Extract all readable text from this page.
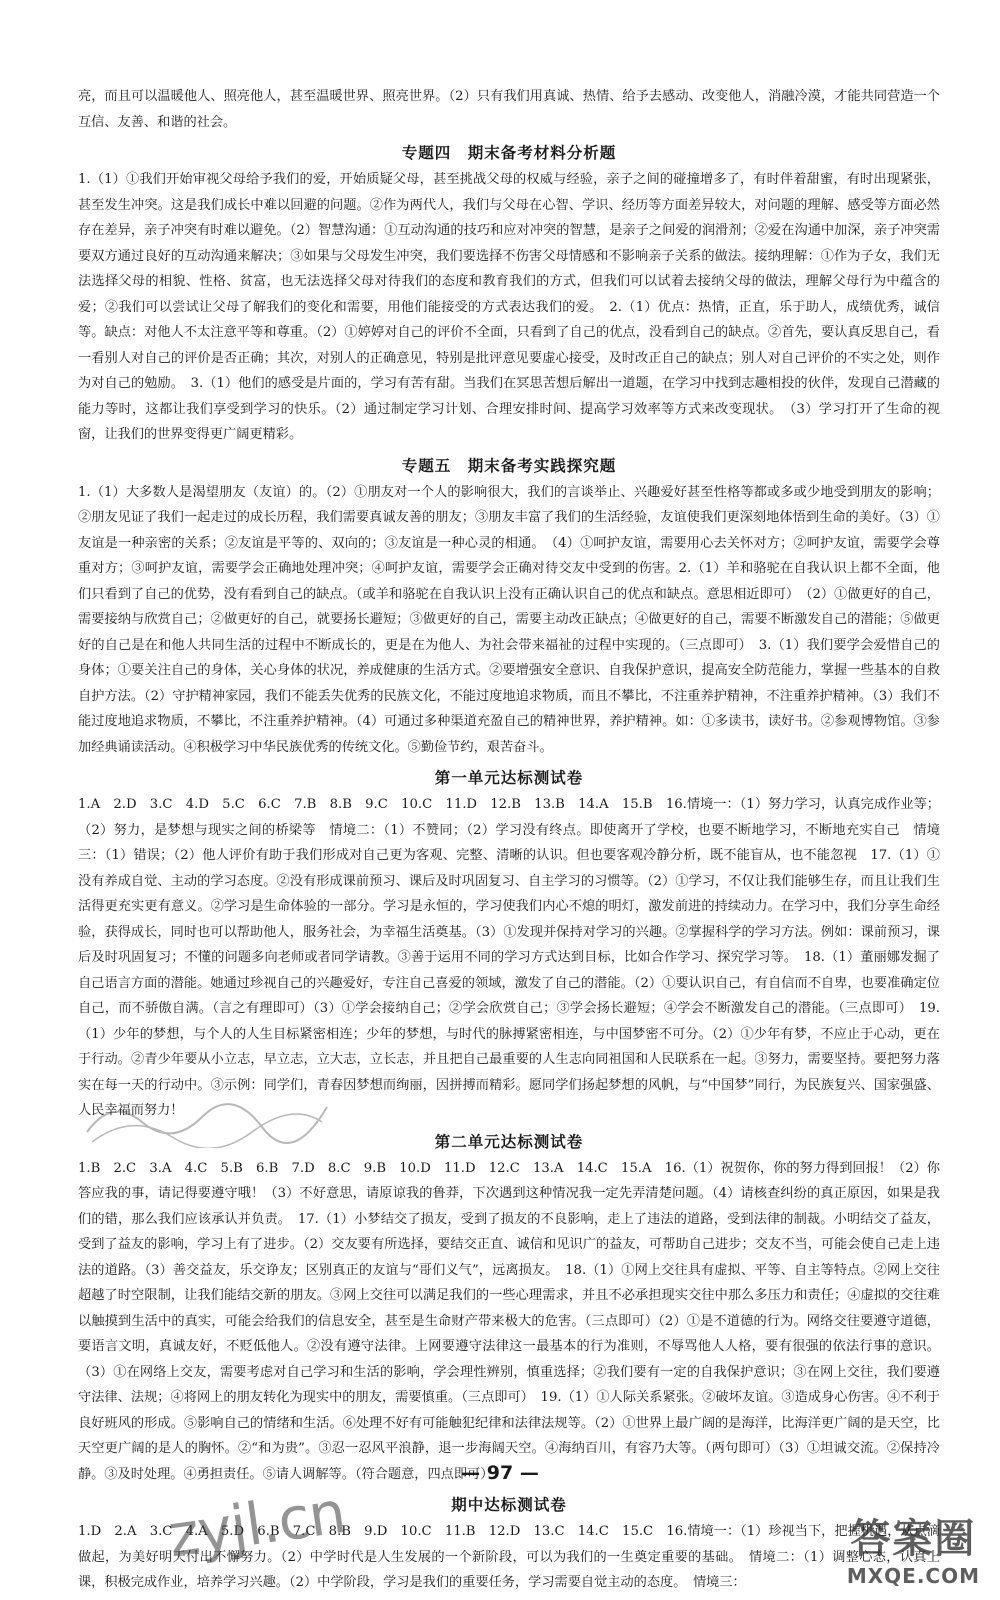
亮，而且可以温暖他人、照亮他人，甚至温暖世界、照亮世界。（2）只有我们用真诚、热情、给予去感动、改变他人，消融冷漠，才能共同营造一个互信、友善、和谐的社会。

专题四　期末备考材料分析题

1.（1）①我们开始审视父母给予我们的爱，开始质疑父母，甚至挑战父母的权威与经验，亲子之间的碰撞增多了，有时伴着甜蜜，有时出现紧张，甚至发生冲突。这是我们成长中难以回避的问题。②作为两代人，我们与父母在心智、学识、经历等方面差异较大，对问题的理解、感受等方面必然存在差异，亲子冲突有时难以避免。（2）智慧沟通：①互动沟通的技巧和应对冲突的智慧，是亲子之间爱的润滑剂；②爱在沟通中加深，亲子冲突需要双方通过良好的互动沟通来解决；③如果与父母发生冲突，我们要选择不伤害父母情感和不影响亲子关系的做法。接纳理解：①作为子女，我们无法选择父母的相貌、性格、贫富，也无法选择父母对待我们的态度和教育我们的方式，但我们可以试着去接纳父母的做法，理解父母行为中蕴含的爱；②我们可以尝试让父母了解我们的变化和需要，用他们能接受的方式表达我们的爱。　2.（1）优点：热情，正直，乐于助人，成绩优秀，诚信等。缺点：对他人不太注意平等和尊重。（2）①婷婷对自己的评价不全面，只看到了自己的优点，没看到自己的缺点。②首先，要认真反思自己，看一看别人对自己的评价是否正确；其次，对别人的正确意见，特别是批评意见要虚心接受，及时改正自己的缺点；别人对自己评价的不实之处，则作为对自己的勉励。　3.（1）他们的感受是片面的，学习有苦有甜。当我们在冥思苦想后解出一道题，在学习中找到志趣相投的伙伴，发现自己潜藏的能力等时，这都让我们享受到学习的快乐。（2）通过制定学习计划、合理安排时间、提高学习效率等方式来改变现状。　（3）学习打开了生命的视窗，让我们的世界变得更广阔更精彩。

专题五　期末备考实践探究题

1.（1）大多数人是渴望朋友（友谊）的。（2）①朋友对一个人的影响很大，我们的言谈举止、兴趣爱好甚至性格等都或多或少地受到朋友的影响；②朋友见证了我们一起走过的成长历程，我们需要真诚友善的朋友；③朋友丰富了我们的生活经验，友谊使我们更深刻地体悟到生命的美好。（3）①友谊是一种亲密的关系；②友谊是平等的、双向的；③友谊是一种心灵的相通。　（4）①呵护友谊，需要用心去关怀对方；②呵护友谊，需要学会尊重对方；③呵护友谊，需要学会正确地处理冲突；④呵护友谊，需要学会正确对待交友中受到的伤害。2.（1）羊和骆驼在自我认识上都不全面，他们只看到了自己的优势，没有看到自己的缺点。（或羊和骆驼在自我认识上没有正确认识自己的优点和缺点。意思相近即可）　（2）①做更好的自己，需要接纳与欣赏自己；②做更好的自己，就要扬长避短；③做更好的自己，需要主动改正缺点；④做更好的自己，需要不断激发自己的潜能；⑤做更好的自己是在和他人共同生活的过程中不断成长的，更是在为他人、为社会带来福祉的过程中实现的。（三点即可）　3.（1）我们要学会爱惜自己的身体；①要关注自己的身体，关心身体的状况，养成健康的生活方式。②要增强安全意识、自我保护意识，提高安全防范能力，掌握一些基本的自救自护方法。（2）守护精神家园，我们不能丢失优秀的民族文化，不能过度地追求物质，而且不攀比，不注重养护精神，不注重养护精神。（3）我们不能过度地追求物质，不攀比，不注重养护精神。（4）可通过多种渠道充盈自己的精神世界，养护精神。如：①多读书，读好书。②参观博物馆。③参加经典诵读活动。④积极学习中华民族优秀的传统文化。⑤勤俭节约，艰苦奋斗。

第一单元达标测试卷

1.A　2.D　3.C　4.D　5.C　6.C　7.B　8.B　9.C　10.C　11.D　12.B　13.B　14.A　15.B　16.情境一：（1）努力学习，认真完成作业等；（2）努力，是梦想与现实之间的桥梁等　情境二：（1）不赞同；（2）学习没有终点。即使离开了学校，也要不断地学习，不断地充实自己　情境三：（1）错误；（2）他人评价有助于我们形成对自己更为客观、完整、清晰的认识。但也要客观冷静分析，既不能盲从，也不能忽视　17.（1）①没有养成自觉、主动的学习态度。②没有形成课前预习、课后及时巩固复习、自主学习的习惯等。（2）①学习，不仅让我们能够生存，而且让我们生活得更充实更有意义。②学习是生命体验的一部分。学习是永恒的，学习使我们内心不熄的明灯，激发前进的持续动力。在学习中，我们分享生命经验，获得成长，同时也可以帮助他人，服务社会，为幸福生活奠基。（3）①发现并保持对学习的兴趣。②掌握科学的学习方法。例如：课前预习，课后及时巩固复习；不懂的问题多向老师或者同学请教。③善于运用不同的学习方式达到目标，比如合作学习、探究学习等。　18.（1）董丽娜发掘了自己语言方面的潜能。她通过珍视自己的兴趣爱好，专注自己喜爱的领域，激发了自己的潜能。（2）①要认识自己，有自信而不自卑，也要准确定位自己，而不骄傲自满。（言之有理即可）（3）①学会接纳自己；②学会欣赏自己；③学会扬长避短；④学会不断激发自己的潜能。（三点即可）　19.（1）少年的梦想，与个人的人生目标紧密相连；少年的梦想，与时代的脉搏紧密相连，与中国梦密不可分。（2）①少年有梦，不应止于心动，更在于行动。②青少年要从小立志，早立志，立大志，立长志，并且把自己最重要的人生志向同祖国和人民联系在一起。③努力，需要坚持。要把努力落实在每一天的行动中。③示例：同学们，青春因梦想而绚丽，因拼搏而精彩。愿同学们扬起梦想的风帆，与“中国梦”同行，为民族复兴、国家强盛、人民幸福而努力！

第二单元达标测试卷

1.B　2.C　3.A　4.C　5.B　6.B　7.D　8.C　9.B　10.D　11.D　12.C　13.A　14.C　15.A　16.（1）祝贺你，你的努力得到回报！（2）你答应我的事，请记得要遵守哦！（3）不好意思，请原谅我的鲁莽，下次遇到这种情况我一定先弄清楚问题。（4）请核查纠纷的真正原因，如果是我们的错，那么我们应该承认并负责。　17.（1）小梦结交了损友，受到了损友的不良影响，走上了违法的道路，受到法律的制裁。小明结交了益友，受到了益友的影响，学习上有了进步。（2）交友要有所选择，要结交正直、诚信和见识广的益友，可帮助自己进步；交友不当，可能会使自己走上违法的道路。（3）善交益友，乐交诤友；区别真正的友谊与“哥们义气”，远离损友。　18.（1）①网上交往具有虚拟、平等、自主等特点。②网上交往超越了时空限制，让我们能结交新的朋友。③网上交往可以满足我们的一些心理需求，并且不必承担现实交往中那么多压力和责任；④虚拟的交往难以触摸到生活中的真实，可能会给我们的信息安全，甚至是生命财产带来极大的危害。（三点即可）（2）①是不道德的行为。网络交往要遵守道德，要语言文明，真诚友好，不贬低他人。②没有遵守法律。上网要遵守法律这一最基本的行为准则，不辱骂他人人格，要有很强的依法行事的意识。（3）①在网络上交友，需要考虑对自己学习和生活的影响，学会理性辨别，慎重选择；②我们要有一定的自我保护意识；③在网上交往，我们要遵守法律、法规；④将网上的朋友转化为现实中的朋友，需要慎重。（三点即可）　19.（1）①人际关系紧张。②破坏友谊。③造成身心伤害。④不利于良好班风的形成。⑤影响自己的情绪和生活。⑥处理不好有可能触犯纪律和法律法规等。（2）①世界上最广阔的是海洋，比海洋更广阔的是天空，比天空更广阔的是人的胸怀。②“和为贵”。③忍一忍风平浪静，退一步海阔天空。④海纳百川，有容乃大等。（两句即可）（3）①坦诚交流。②保持冷静。③及时处理。④勇担责任。⑤请人调解等。（符合题意，四点即可）

期中达标测试卷

1.D　2.A　3.C　4.A　5.D　6.B　7.C　8.B　9.D　10.C　11.B　12.D　13.C　14.C　15.C　16.情境一：（1）珍视当下，把握机遇，从点滴做起，为美好明天付出不懈努力。（2）中学时代是人生发展的一个新阶段，可以为我们的一生奠定重要的基础。　情境二：（1）调整心态，认真上课，积极完成作业，培养学习兴趣。（2）中学阶段，学习是我们的重要任务，学习需要自觉主动的态度。　情境三：

— 97 —
zyjl.cn	答案圈
MXQE.COM
